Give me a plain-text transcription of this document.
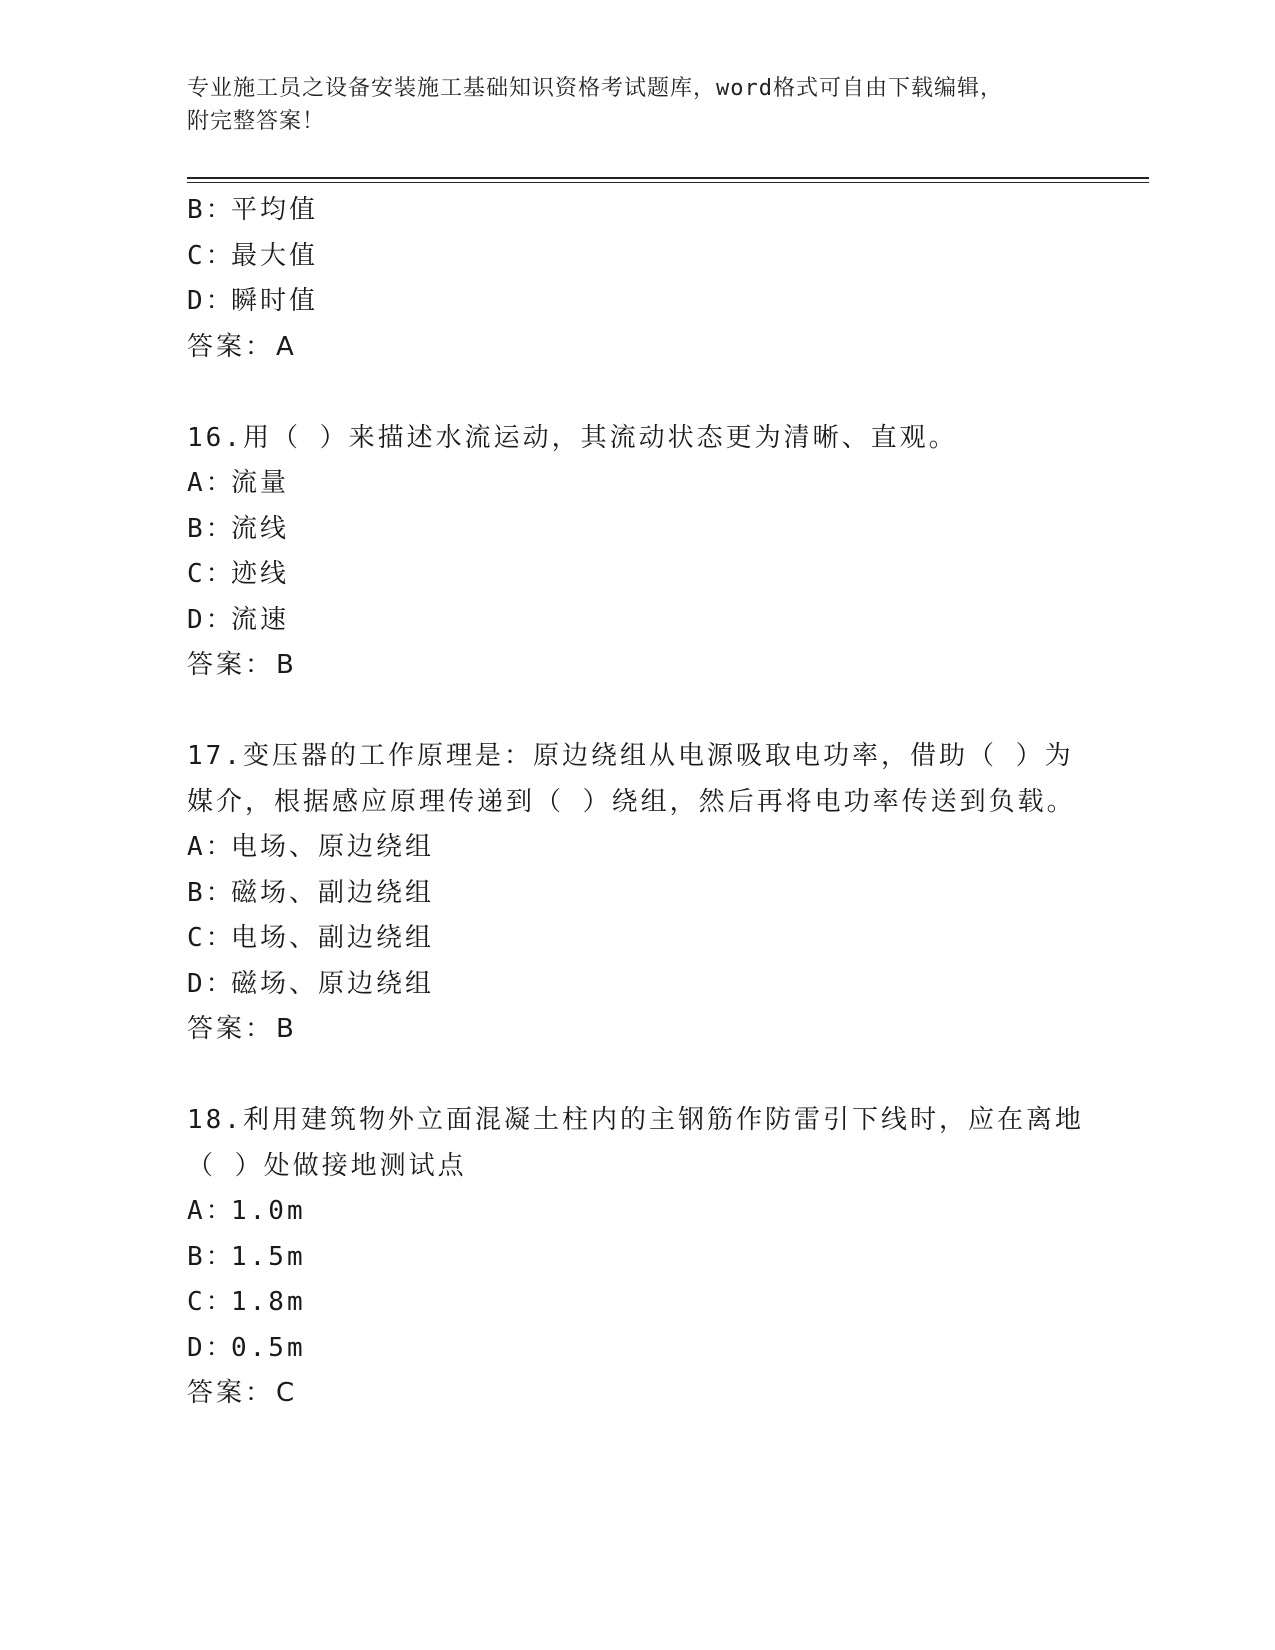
专业施工员之设备安装施工基础知识资格考试题库，word格式可自由下载编辑，
附完整答案！
B：平均值
C：最大值
D：瞬时值
答案：A
16.用（ ）来描述水流运动，其流动状态更为清晰、直观。
A：流量
B：流线
C：迹线
D：流速
答案：B
17.变压器的工作原理是：原边绕组从电源吸取电功率，借助（ ）为
媒介，根据感应原理传递到（ ）绕组，然后再将电功率传送到负载。
A：电场、原边绕组
B：磁场、副边绕组
C：电场、副边绕组
D：磁场、原边绕组
答案：B
18.利用建筑物外立面混凝土柱内的主钢筋作防雷引下线时，应在离地
（ ）处做接地测试点
A：1.0m
B：1.5m
C：1.8m
D：0.5m
答案：C
